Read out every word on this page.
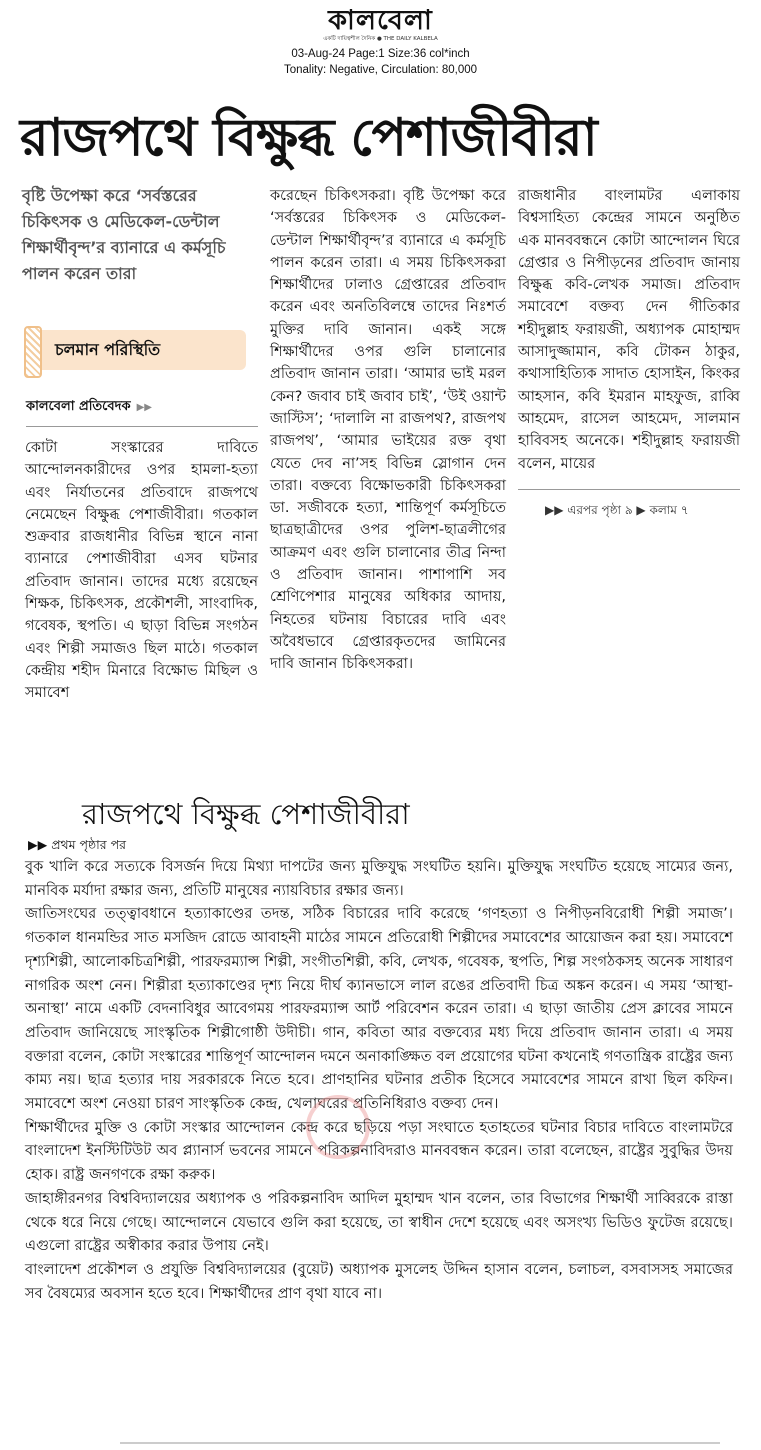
কালবেলা
একটি দায়িত্বশীল দৈনিক ● THE DAILY KALBELA
03-Aug-24 Page:1 Size:36 col*inch
Tonality: Negative, Circulation: 80,000
রাজপথে বিক্ষুব্ধ পেশাজীবীরা
বৃষ্টি উপেক্ষা করে ‘সর্বস্তরের চিকিৎসক ও মেডিকেল-ডেন্টাল শিক্ষার্থীবৃন্দ’র ব্যানারে এ কর্মসূচি পালন করেন তারা
চলমান পরিস্থিতি
কালবেলা প্রতিবেদক ▶▶

কোটা সংস্কারের দাবিতে আন্দোলনকারীদের ওপর হামলা-হত্যা এবং নির্যাতনের প্রতিবাদে রাজপথে নেমেছেন বিক্ষুব্ধ পেশাজীবীরা। গতকাল শুক্রবার রাজধানীর বিভিন্ন স্থানে নানা ব্যানারে পেশাজীবীরা এসব ঘটনার প্রতিবাদ জানান। তাদের মধ্যে রয়েছেন শিক্ষক, চিকিৎসক, প্রকৌশলী, সাংবাদিক, গবেষক, স্থপতি। এ ছাড়া বিভিন্ন সংগঠন এবং শিল্পী সমাজও ছিল মাঠে। গতকাল কেন্দ্রীয় শহীদ মিনারে বিক্ষোভ মিছিল ও সমাবেশ

করেছেন চিকিৎসকরা। বৃষ্টি উপেক্ষা করে ‘সর্বস্তরের চিকিৎসক ও মেডিকেল-ডেন্টাল শিক্ষার্থীবৃন্দ’র ব্যানারে এ কর্মসূচি পালন করেন তারা। এ সময় চিকিৎসকরা শিক্ষার্থীদের ঢালাও গ্রেপ্তারের প্রতিবাদ করেন এবং অনতিবিলম্বে তাদের নিঃশর্ত মুক্তির দাবি জানান। একই সঙ্গে শিক্ষার্থীদের ওপর গুলি চালানোর প্রতিবাদ জানান তারা। ‘আমার ভাই মরল কেন? জবাব চাই জবাব চাই’, ‘উই ওয়ান্ট জাস্টিস’; ‘দালালি না রাজপথ?, রাজপথ রাজপথ’, ‘আমার ভাইয়ের রক্ত বৃথা যেতে দেব না’সহ বিভিন্ন স্লোগান দেন তারা। বক্তব্যে বিক্ষোভকারী চিকিৎসকরা ডা. সজীবকে হত্যা, শান্তিপূর্ণ কর্মসূচিতে ছাত্রছাত্রীদের ওপর পুলিশ-ছাত্রলীগের আক্রমণ এবং গুলি চালানোর তীব্র নিন্দা ও প্রতিবাদ জানান। পাশাপাশি সব শ্রেণিপেশার মানুষের অধিকার আদায়, নিহতের ঘটনায় বিচারের দাবি এবং অবৈধভাবে গ্রেপ্তারকৃতদের জামিনের দাবি জানান চিকিৎসকরা।

রাজধানীর বাংলামটর এলাকায় বিশ্বসাহিত্য কেন্দ্রের সামনে অনুষ্ঠিত এক মানববন্ধনে কোটা আন্দোলন ঘিরে গ্রেপ্তার ও নিপীড়নের প্রতিবাদ জানায় বিক্ষুব্ধ কবি-লেখক সমাজ। প্রতিবাদ সমাবেশে বক্তব্য দেন গীতিকার শহীদুল্লাহ ফরায়জী, অধ্যাপক মোহাম্মদ আসাদুজ্জামান, কবি টোকন ঠাকুর, কথাসাহিত্যিক সাদাত হোসাইন, কিংকর আহসান, কবি ইমরান মাহফুজ, রাব্বি আহমেদ, রাসেল আহমেদ, সালমান হাবিবসহ অনেকে। শহীদুল্লাহ ফরায়জী বলেন, মায়ের

▶▶ এরপর পৃষ্ঠা ৯ ▶ কলাম ৭
রাজপথে বিক্ষুব্ধ পেশাজীবীরা
▶▶ প্রথম পৃষ্ঠার পর

বুক খালি করে সত্যকে বিসর্জন দিয়ে মিথ্যা দাপটের জন্য মুক্তিযুদ্ধ সংঘটিত হয়নি। মুক্তিযুদ্ধ সংঘটিত হয়েছে সাম্যের জন্য, মানবিক মর্যাদা রক্ষার জন্য, প্রতিটি মানুষের ন্যায়বিচার রক্ষার জন্য।

জাতিসংঘের তত্ত্বাবধানে হত্যাকাণ্ডের তদন্ত, সঠিক বিচারের দাবি করেছে ‘গণহত্যা ও নিপীড়নবিরোধী শিল্পী সমাজ’। গতকাল ধানমন্ডির সাত মসজিদ রোডে আবাহনী মাঠের সামনে প্রতিরোধী শিল্পীদের সমাবেশের আয়োজন করা হয়। সমাবেশে দৃশ্যশিল্পী, আলোকচিত্রশিল্পী, পারফরম্যান্স শিল্পী, সংগীতশিল্পী, কবি, লেখক, গবেষক, স্থপতি, শিল্প সংগঠকসহ অনেক সাধারণ নাগরিক অংশ নেন। শিল্পীরা হত্যাকাণ্ডের দৃশ্য নিয়ে দীর্ঘ ক্যানভাসে লাল রঙের প্রতিবাদী চিত্র অঙ্কন করেন। এ সময় ‘আস্থা-অনাস্থা’ নামে একটি বেদনাবিধুর আবেগময় পারফরম্যান্স আর্ট পরিবেশন করেন তারা। এ ছাড়া জাতীয় প্রেস ক্লাবের সামনে প্রতিবাদ জানিয়েছে সাংস্কৃতিক শিল্পীগোষ্ঠী উদীচী। গান, কবিতা আর বক্তব্যের মধ্য দিয়ে প্রতিবাদ জানান তারা। এ সময় বক্তারা বলেন, কোটা সংস্কারের শান্তিপূর্ণ আন্দোলন দমনে অনাকাঙ্ক্ষিত বল প্রয়োগের ঘটনা কখনোই গণতান্ত্রিক রাষ্ট্রের জন্য কাম্য নয়। ছাত্র হত্যার দায় সরকারকে নিতে হবে। প্রাণহানির ঘটনার প্রতীক হিসেবে সমাবেশের সামনে রাখা ছিল কফিন। সমাবেশে অংশ নেওয়া চারণ সাংস্কৃতিক কেন্দ্র, খেলাঘরের প্রতিনিধিরাও বক্তব্য দেন।

শিক্ষার্থীদের মুক্তি ও কোটা সংস্কার আন্দোলন কেন্দ্র করে ছড়িয়ে পড়া সংঘাতে হতাহতের ঘটনার বিচার দাবিতে বাংলামটরে বাংলাদেশ ইনস্টিটিউট অব প্ল্যানার্স ভবনের সামনে পরিকল্পনাবিদরাও মানববন্ধন করেন। তারা বলেছেন, রাষ্ট্রের সুবুদ্ধির উদয় হোক। রাষ্ট্র জনগণকে রক্ষা করুক।

জাহাঙ্গীরনগর বিশ্ববিদ্যালয়ের অধ্যাপক ও পরিকল্পনাবিদ আদিল মুহাম্মদ খান বলেন, তার বিভাগের শিক্ষার্থী সাব্বিরকে রাস্তা থেকে ধরে নিয়ে গেছে। আন্দোলনে যেভাবে গুলি করা হয়েছে, তা স্বাধীন দেশে হয়েছে এবং অসংখ্য ভিডিও ফুটেজ রয়েছে। এগুলো রাষ্ট্রের অস্বীকার করার উপায় নেই।

বাংলাদেশ প্রকৌশল ও প্রযুক্তি বিশ্ববিদ্যালয়ের (বুয়েট) অধ্যাপক মুসলেহ উদ্দিন হাসান বলেন, চলাচল, বসবাসসহ সমাজের সব বৈষম্যের অবসান হতে হবে। শিক্ষার্থীদের প্রাণ বৃথা যাবে না।
